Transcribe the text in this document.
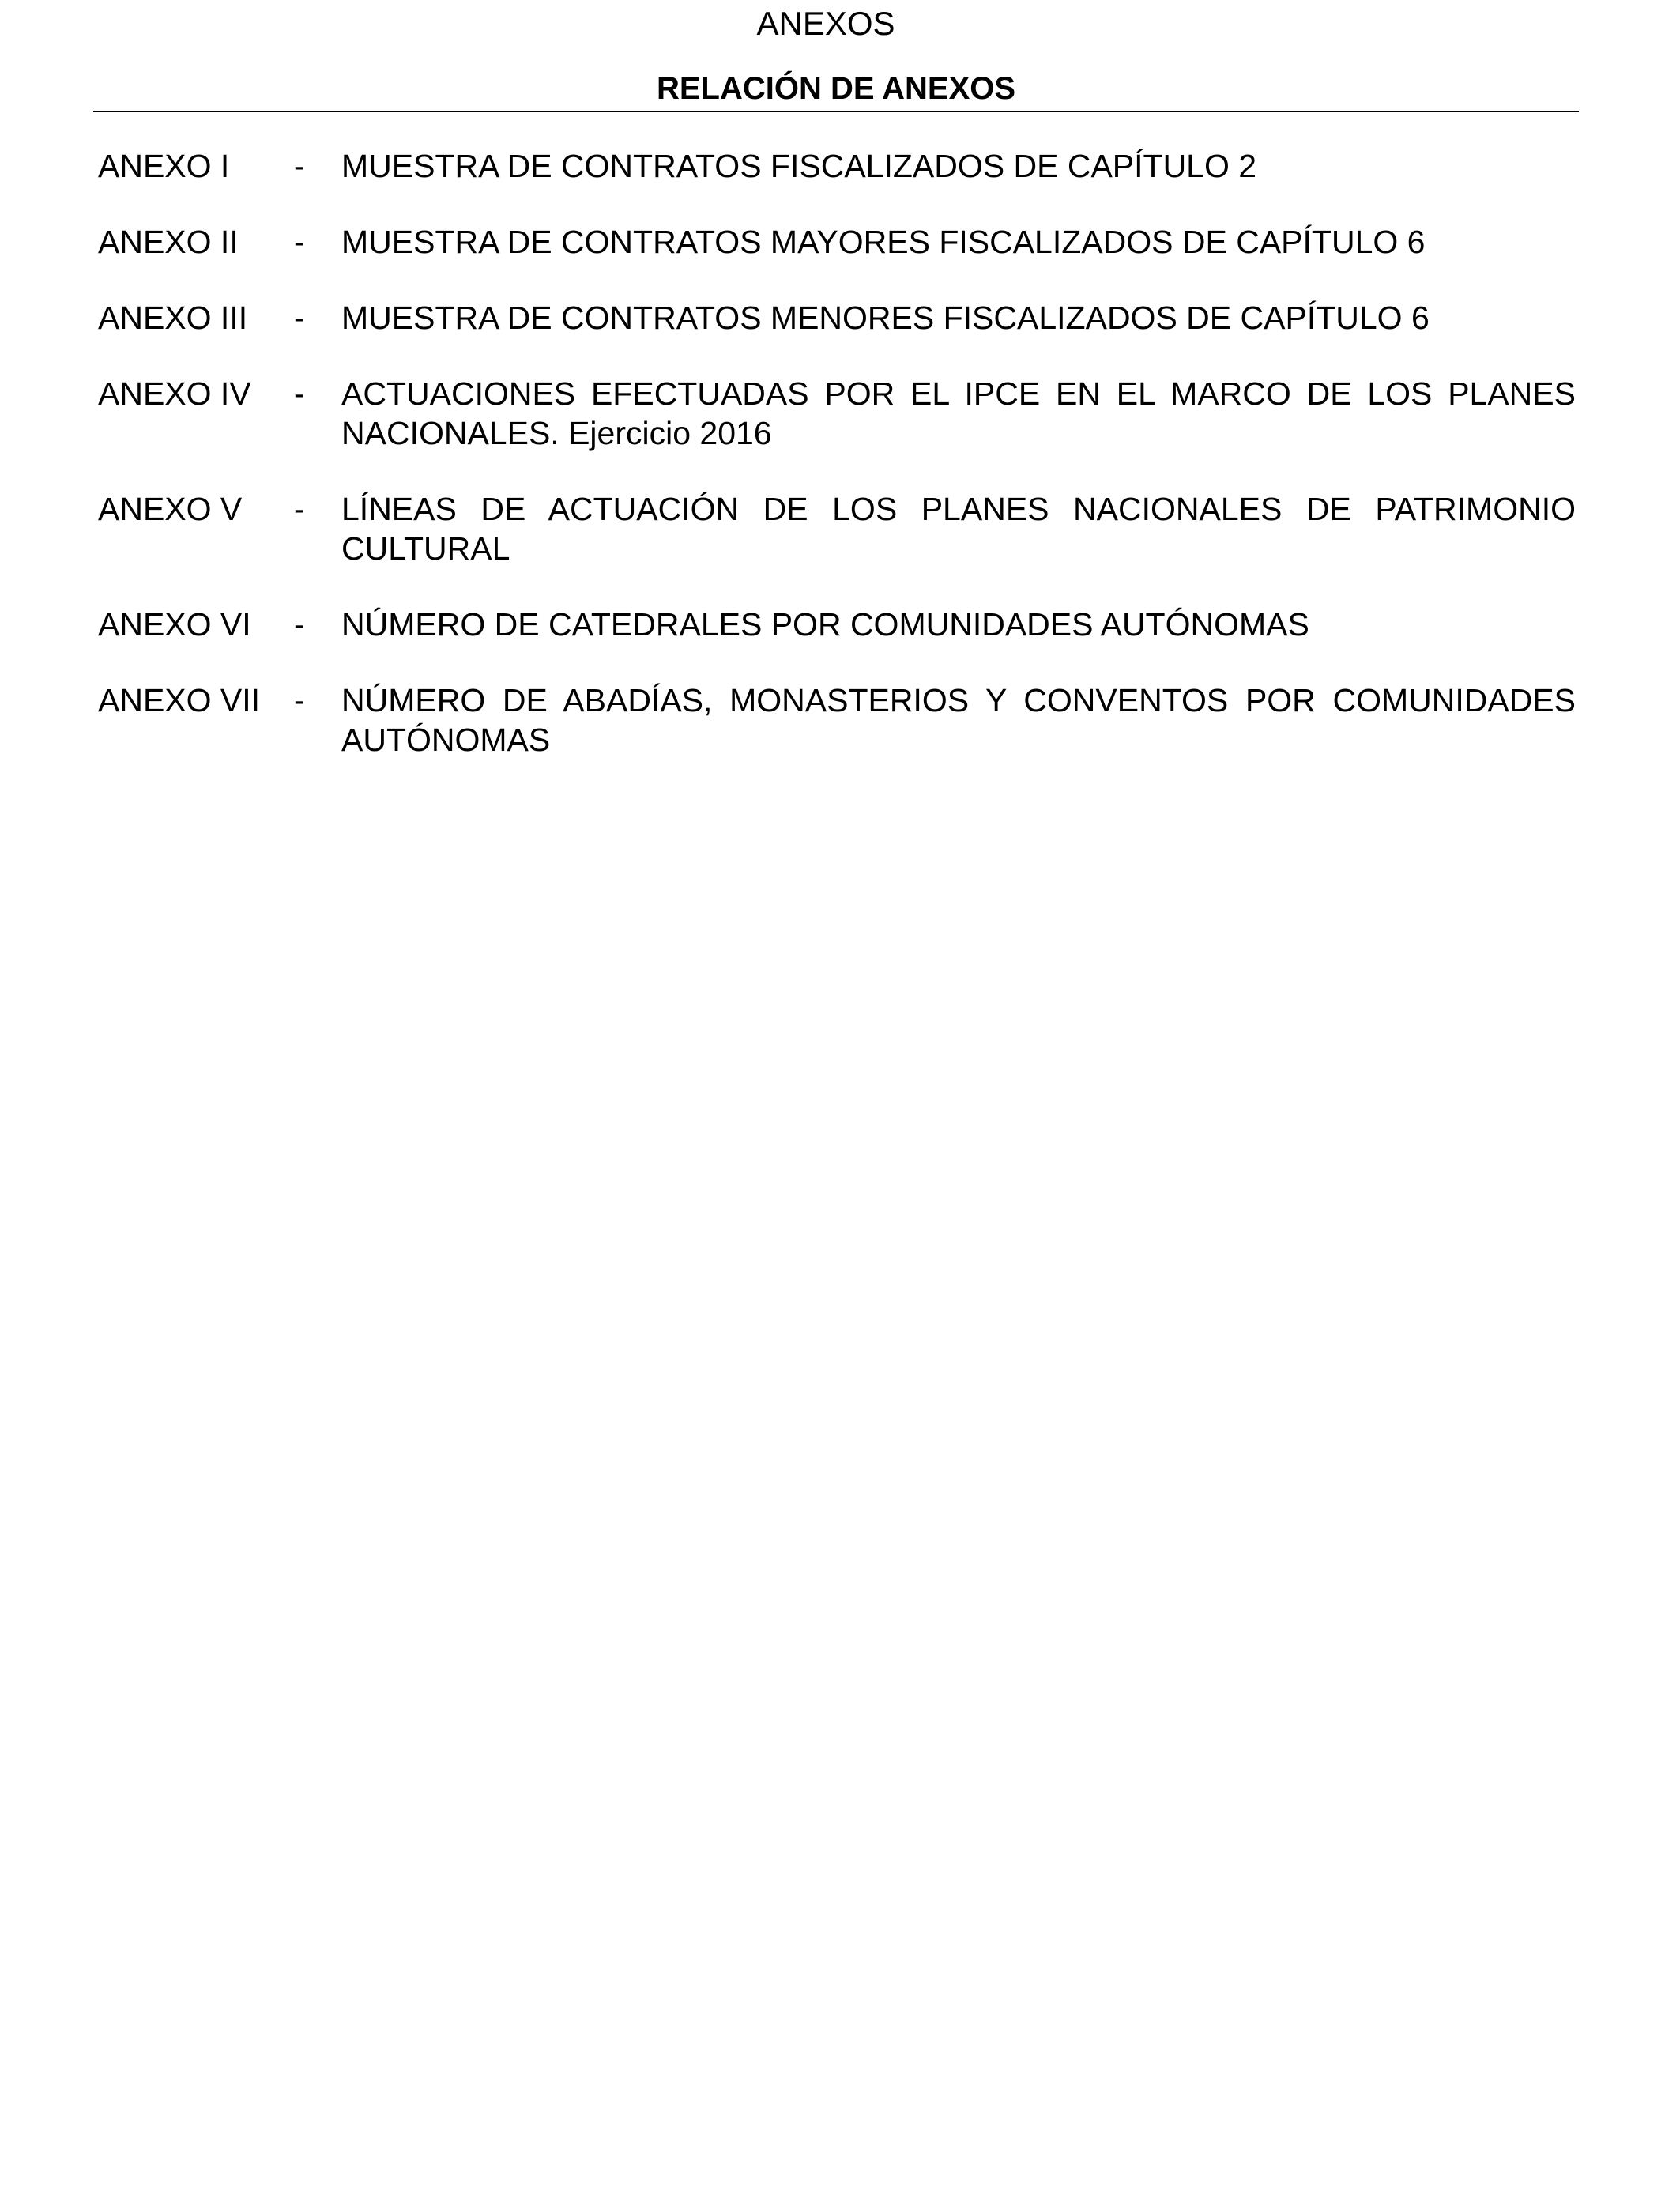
ANEXOS
RELACIÓN DE ANEXOS
ANEXO I	-	MUESTRA DE CONTRATOS FISCALIZADOS DE CAPÍTULO 2
ANEXO II	-	MUESTRA DE CONTRATOS MAYORES FISCALIZADOS DE CAPÍTULO 6
ANEXO III	-	MUESTRA DE CONTRATOS MENORES FISCALIZADOS DE CAPÍTULO 6
ANEXO IV	-	ACTUACIONES EFECTUADAS POR EL IPCE EN EL MARCO DE LOS PLANES NACIONALES. Ejercicio 2016
ANEXO V	-	LÍNEAS DE ACTUACIÓN DE LOS PLANES NACIONALES DE PATRIMONIO CULTURAL
ANEXO VI	-	NÚMERO DE CATEDRALES POR COMUNIDADES AUTÓNOMAS
ANEXO VII	-	NÚMERO DE ABADÍAS, MONASTERIOS Y CONVENTOS POR COMUNIDADES AUTÓNOMAS
